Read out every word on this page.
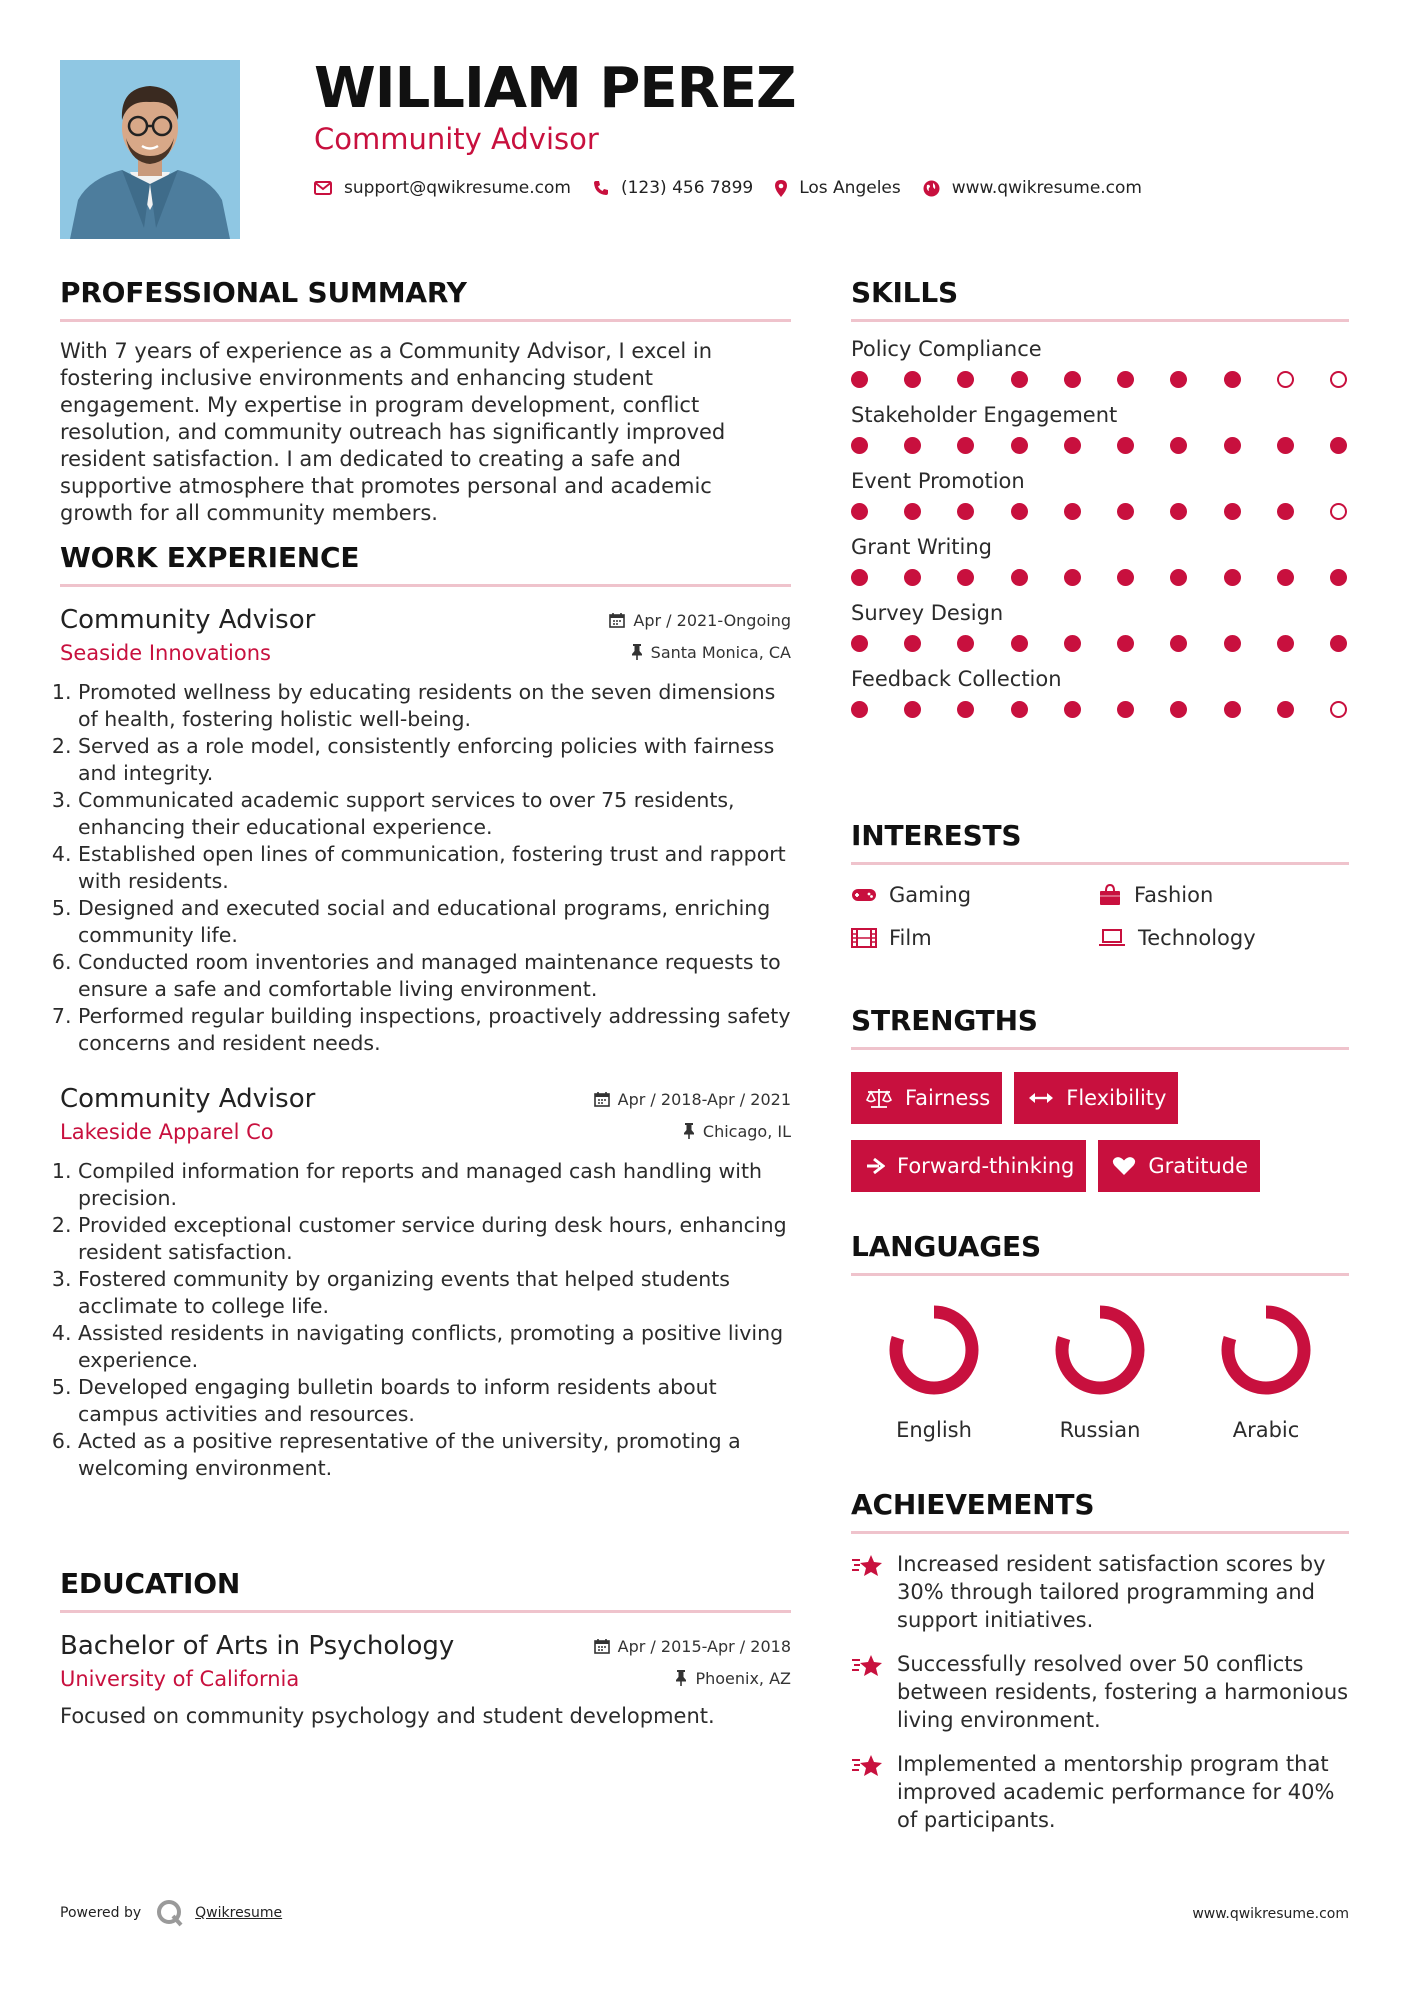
WILLIAM PEREZ
Community Advisor
support@qwikresume.com	(123) 456 7899	Los Angeles	www.qwikresume.com
PROFESSIONAL SUMMARY

With 7 years of experience as a Community Advisor, I excel in fostering inclusive environments and enhancing student engagement. My expertise in program development, conflict resolution, and community outreach has significantly improved resident satisfaction. I am dedicated to creating a safe and supportive atmosphere that promotes personal and academic growth for all community members.

WORK EXPERIENCE
Community Advisor	Apr / 2021-Ongoing
Seaside Innovations	Santa Monica, CA
1. Promoted wellness by educating residents on the seven dimensions of health, fostering holistic well-being.
2. Served as a role model, consistently enforcing policies with fairness and integrity.
3. Communicated academic support services to over 75 residents, enhancing their educational experience.
4. Established open lines of communication, fostering trust and rapport with residents.
5. Designed and executed social and educational programs, enriching community life.
6. Conducted room inventories and managed maintenance requests to ensure a safe and comfortable living environment.
7. Performed regular building inspections, proactively addressing safety concerns and resident needs.
Community Advisor	Apr / 2018-Apr / 2021
Lakeside Apparel Co	Chicago, IL
1. Compiled information for reports and managed cash handling with precision.
2. Provided exceptional customer service during desk hours, enhancing resident satisfaction.
3. Fostered community by organizing events that helped students acclimate to college life.
4. Assisted residents in navigating conflicts, promoting a positive living experience.
5. Developed engaging bulletin boards to inform residents about campus activities and resources.
6. Acted as a positive representative of the university, promoting a welcoming environment.
EDUCATION
Bachelor of Arts in Psychology	Apr / 2015-Apr / 2018
University of California	Phoenix, AZ

Focused on community psychology and student development.

SKILLS
Policy Compliance
Stakeholder Engagement
Event Promotion
Grant Writing
Survey Design
Feedback Collection
INTERESTS
Gaming	Fashion
Film	Technology
STRENGTHS
Fairness	Flexibility
Forward-thinking	Gratitude
LANGUAGES
English	Russian	Arabic
ACHIEVEMENTS
Increased resident satisfaction scores by 30% through tailored programming and support initiatives.
Successfully resolved over 50 conflicts between residents, fostering a harmonious living environment.
Implemented a mentorship program that improved academic performance for 40% of participants.
Powered by	Qwikresume	www.qwikresume.com
